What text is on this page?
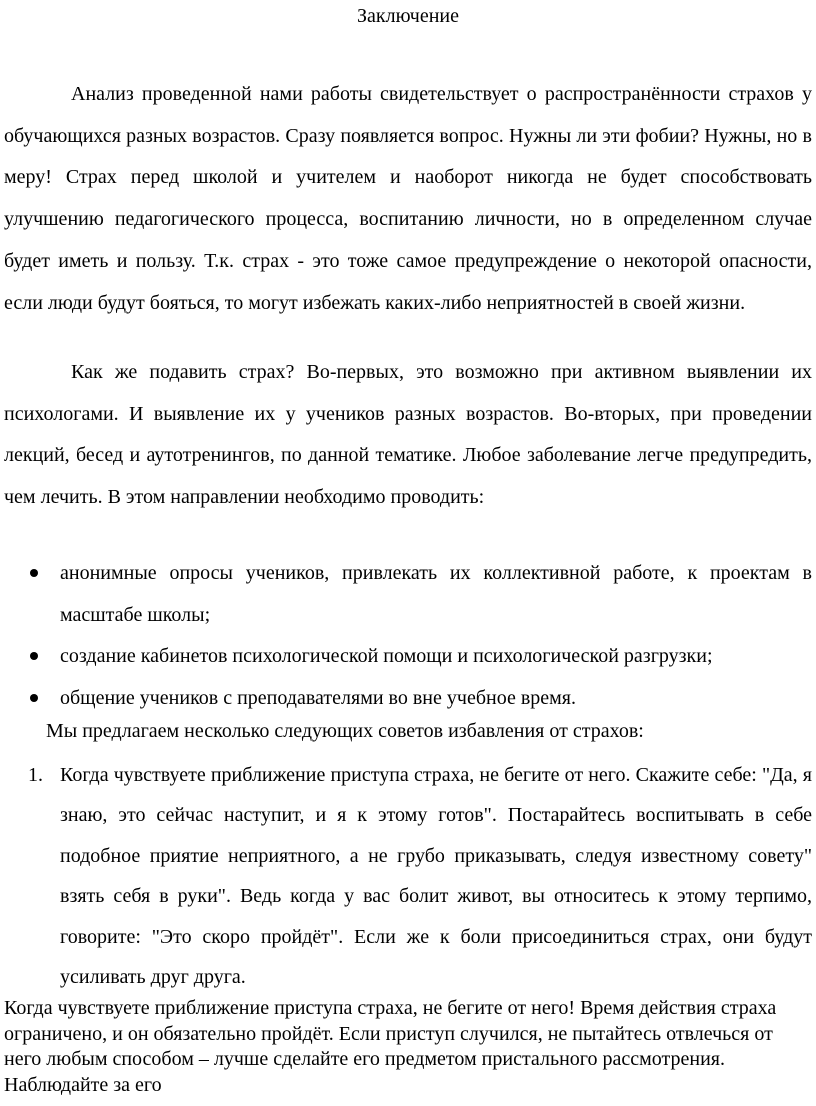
Заключение

Анализ проведенной нами работы свидетельствует о распространённости страхов у обучающихся разных возрастов. Сразу появляется вопрос. Нужны ли эти фобии? Нужны, но в меру! Страх перед школой и учителем и наоборот никогда не будет способствовать улучшению педагогического процесса, воспитанию личности, но в определенном случае будет иметь и пользу. Т.к. страх - это тоже самое предупреждение о некоторой опасности, если люди будут бояться, то могут избежать каких-либо неприятностей в своей жизни.

Как же подавить страх? Во-первых, это возможно при активном выявлении их психологами. И выявление их у учеников разных возрастов. Во-вторых, при проведении лекций, бесед и аутотренингов, по данной тематике. Любое заболевание легче предупредить, чем лечить. В этом направлении необходимо проводить:

анонимные опросы учеников, привлекать их коллективной работе, к проектам в масштабе школы;
создание кабинетов психологической помощи и психологической разгрузки;
общение учеников с преподавателями во вне учебное время.

Мы предлагаем несколько следующих советов избавления от страхов:

1. Когда чувствуете приближение приступа страха, не бегите от него. Скажите себе: "Да, я знаю, это сейчас наступит, и я к этому готов". Постарайтесь воспитывать в себе подобное приятие неприятного, а не грубо приказывать, следуя известному совету" взять себя в руки". Ведь когда у вас болит живот, вы относитесь к этому терпимо, говорите: "Это скоро пройдёт". Если же к боли присоединиться страх, они будут усиливать друг друга.

Когда чувствуете приближение приступа страха, не бегите от него! Время действия страха ограничено, и он обязательно пройдёт. Если приступ случился, не пытайтесь отвлечься от него любым способом – лучше сделайте его предметом пристального рассмотрения. Наблюдайте за его
